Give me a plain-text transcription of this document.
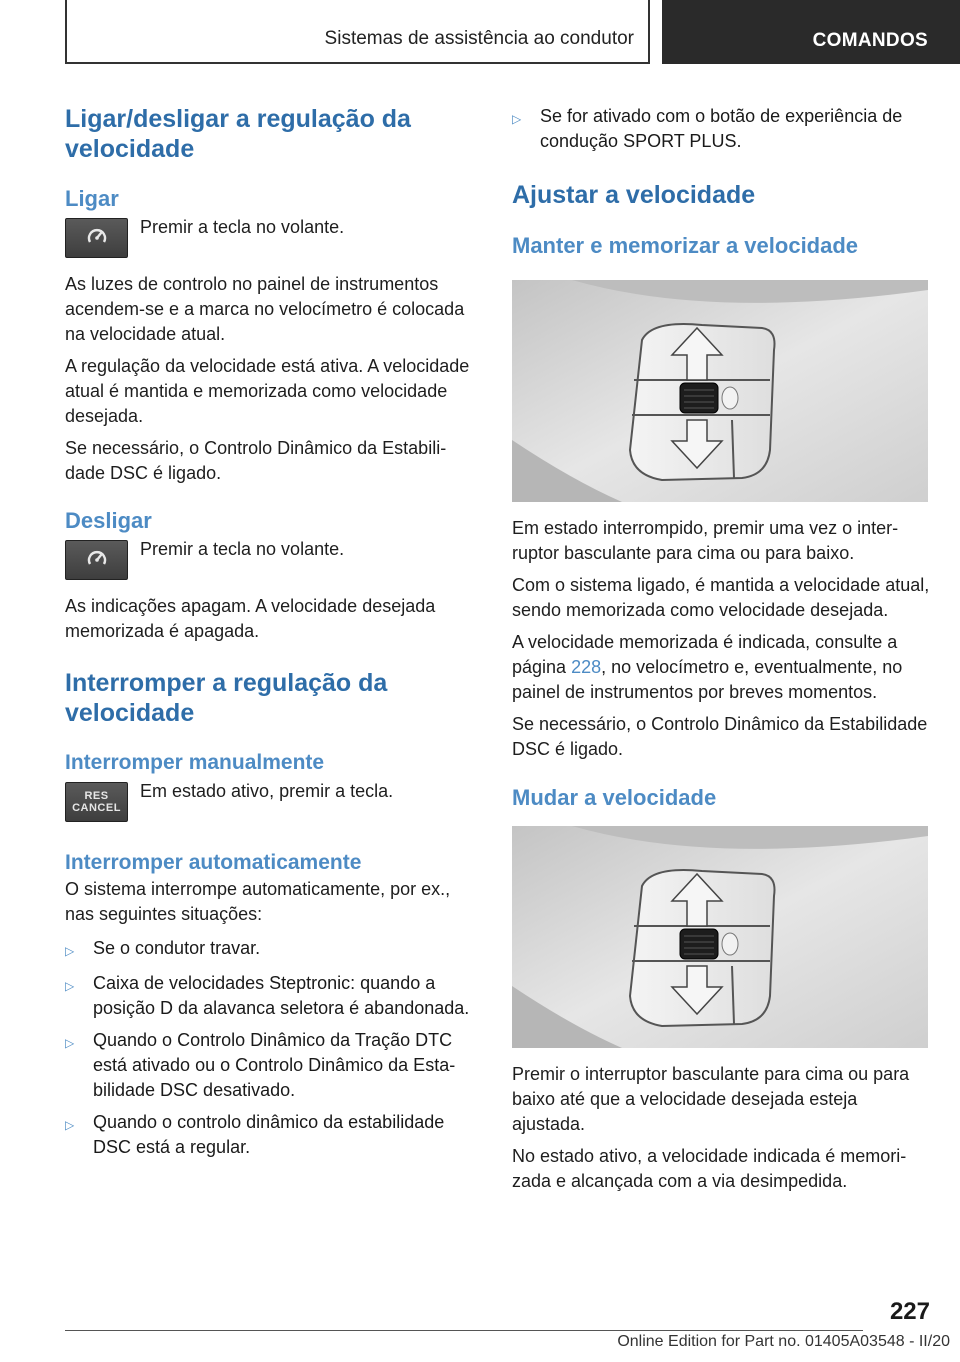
Sistemas de assistência ao condutor	COMANDOS
Ligar/desligar a regulação da velocidade
Ligar

Premir a tecla no volante.

As luzes de controlo no painel de instrumentos acendem-se e a marca no velocímetro é colocada na velocidade atual.

A regulação da velocidade está ativa. A velocidade atual é mantida e memorizada como velocidade desejada.

Se necessário, o Controlo Dinâmico da Estabilidade DSC é ligado.

Desligar

Premir a tecla no volante.

As indicações apagam. A velocidade desejada memorizada é apagada.

Interromper a regulação da velocidade
Interromper manualmente
RES
CANCEL

Em estado ativo, premir a tecla.

Interromper automaticamente

O sistema interrompe automaticamente, por ex., nas seguintes situações:

▷	Se o condutor travar.
▷	Caixa de velocidades Steptronic: quando a posição D da alavanca seletora é abandonada.
▷	Quando o Controlo Dinâmico da Tração DTC está ativado ou o Controlo Dinâmico da Estabilidade DSC desativado.
▷	Quando o controlo dinâmico da estabilidade DSC está a regular.
▷	Se for ativado com o botão de experiência de condução SPORT PLUS.
Ajustar a velocidade
Manter e memorizar a velocidade

Em estado interrompido, premir uma vez o interruptor basculante para cima ou para baixo.

Com o sistema ligado, é mantida a velocidade atual, sendo memorizada como velocidade desejada.

A velocidade memorizada é indicada, consulte a página 228, no velocímetro e, eventualmente, no painel de instrumentos por breves momentos.

Se necessário, o Controlo Dinâmico da Estabilidade DSC é ligado.

Mudar a velocidade

Premir o interruptor basculante para cima ou para baixo até que a velocidade desejada esteja ajustada.

No estado ativo, a velocidade indicada é memorizada e alcançada com a via desimpedida.

227
Online Edition for Part no. 01405A03548 - II/20
